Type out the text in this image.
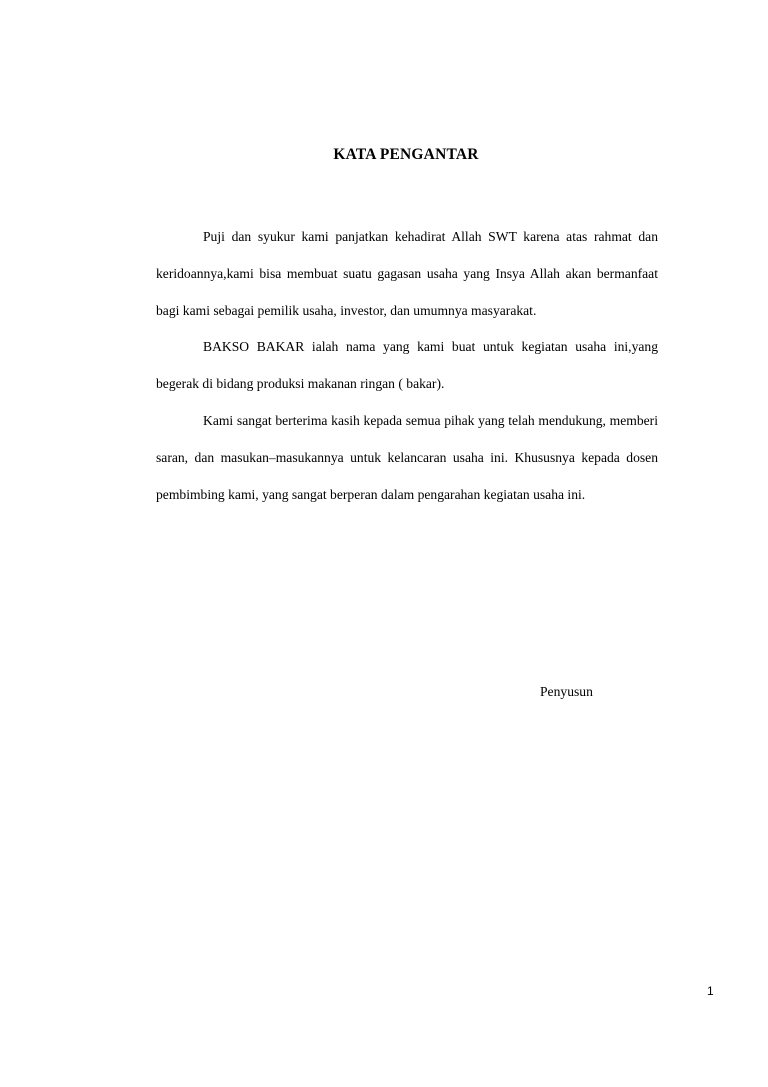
KATA PENGANTAR

Puji dan syukur kami panjatkan kehadirat Allah SWT karena atas rahmat dan keridoannya,kami bisa membuat suatu gagasan usaha yang Insya Allah akan bermanfaat bagi kami sebagai pemilik usaha, investor, dan umumnya masyarakat.

BAKSO BAKAR ialah nama yang kami buat untuk kegiatan usaha ini,yang begerak di bidang produksi makanan ringan ( bakar).

Kami sangat berterima kasih kepada semua pihak yang telah mendukung, memberi saran, dan masukan–masukannya untuk kelancaran usaha ini. Khususnya kepada dosen pembimbing kami, yang sangat berperan dalam pengarahan kegiatan usaha ini.

Penyusun
1
